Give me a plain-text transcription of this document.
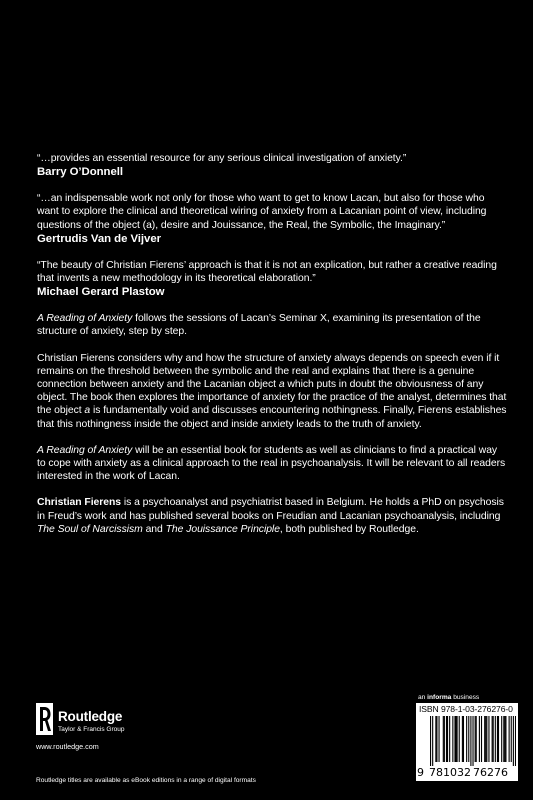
“…provides an essential resource for any serious clinical investigation of anxiety.”

Barry O’Donnell

“…an indispensable work not only for those who want to get to know Lacan, but also for those who want to explore the clinical and theoretical wiring of anxiety from a Lacanian point of view, including questions of the object (a), desire and Jouissance, the Real, the Symbolic, the Imaginary.”

Gertrudis Van de Vijver

“The beauty of Christian Fierens’ approach is that it is not an explication, but rather a creative reading that invents a new methodology in its theoretical elaboration.”

Michael Gerard Plastow

A Reading of Anxiety follows the sessions of Lacan’s Seminar X, examining its presentation of the structure of anxiety, step by step.

Christian Fierens considers why and how the structure of anxiety always depends on speech even if it remains on the threshold between the symbolic and the real and explains that there is a genuine connection between anxiety and the Lacanian object a which puts in doubt the obviousness of any object. The book then explores the importance of anxiety for the practice of the analyst, determines that the object a is fundamentally void and discusses encountering nothingness. Finally, Fierens establishes that this nothingness inside the object and inside anxiety leads to the truth of anxiety.

A Reading of Anxiety will be an essential book for students as well as clinicians to find a practical way to cope with anxiety as a clinical approach to the real in psychoanalysis. It will be relevant to all readers interested in the work of Lacan.

Christian Fierens is a psychoanalyst and psychiatrist based in Belgium. He holds a PhD on psychosis in Freud’s work and has published several books on Freudian and Lacanian psychoanalysis, including The Soul of Narcissism and The Jouissance Principle, both published by Routledge.

Routledge
Taylor & Francis Group
www.routledge.com
Routledge titles are available as eBook editions in a range of digital formats
an informa business
ISBN 978-1-03-276276-0
9 781032 76276
